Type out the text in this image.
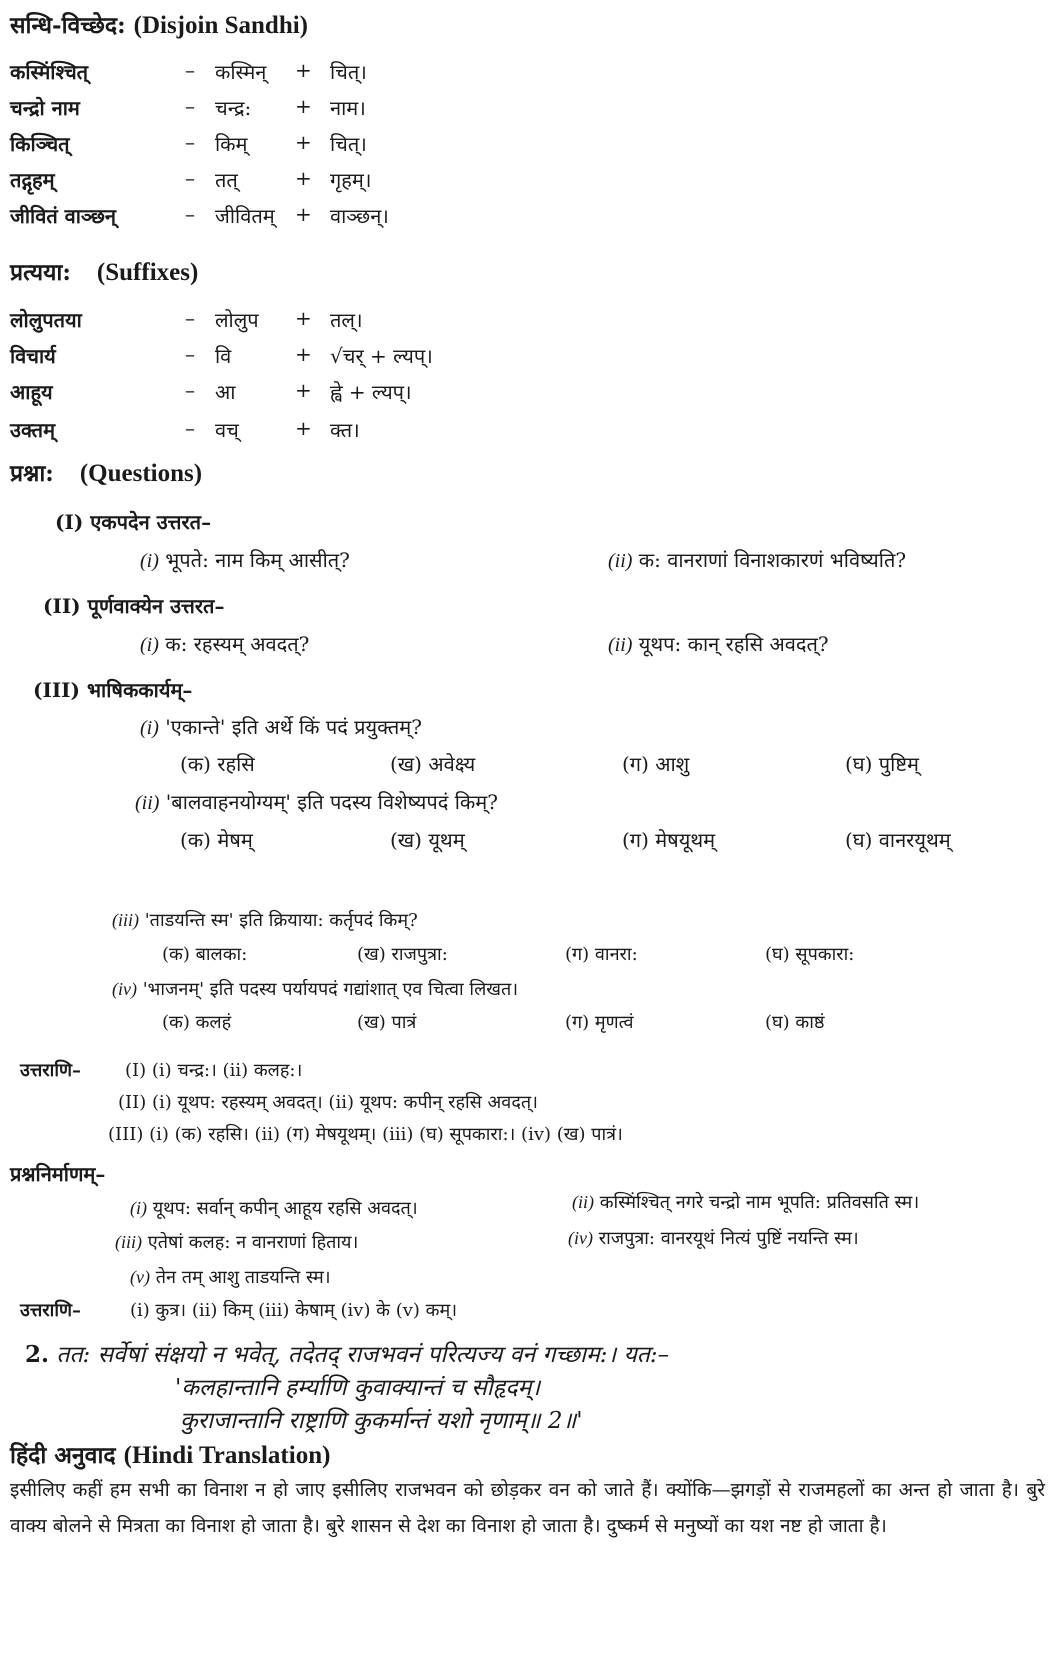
सन्धि-विच्छेद: (Disjoin Sandhi)
कस्मिंश्चित्	– कस्मिन् + चित्।
चन्द्रो नाम	– चन्द्र: + नाम।
किञ्चित्	– किम् + चित्।
तद्गृहम्	– तत्	+ गृहम्।
जीवितं वाञ्छन्	– जीवितम् + वाञ्छन्।
प्रत्यया: (Suffixes)
लोलुपतया	– लोलुप + तल्।
विचार्य	– वि	+ √चर् + ल्यप्।
आहूय	– आ	+ ह्वे + ल्यप्।
उक्तम्	– वच्	+ क्त।
प्रश्ना: (Questions)
(I) एकपदेन उत्तरत–
(i) भूपते: नाम किम् आसीत्?	(ii) क: वानराणां विनाशकारणं भविष्यति?
(II) पूर्णवाक्येन उत्तरत–
(i) क: रहस्यम् अवदत्?	(ii) यूथप: कान् रहसि अवदत्?
(III) भाषिककार्यम्–
(i) 'एकान्ते' इति अर्थे किं पदं प्रयुक्तम्?
(क) रहसि	(ख) अवेक्ष्य	(ग) आशु	(घ) पुष्टिम्
(ii) 'बालवाहनयोग्यम्' इति पदस्य विशेष्यपदं किम्?
(क) मेषम्	(ख) यूथम्	(ग) मेषयूथम्	(घ) वानरयूथम्
(iii) 'ताडयन्ति स्म' इति क्रियाया: कर्तृपदं किम्?
(क) बालका:	(ख) राजपुत्रा:	(ग) वानरा:	(घ) सूपकारा:
(iv) 'भाजनम्' इति पदस्य पर्यायपदं गद्यांशात् एव चित्वा लिखत।
(क) कलहं	(ख) पात्रं	(ग) मृणत्वं	(घ) काष्ठं
उत्तराणि– (I) (i) चन्द्र:। (ii) कलह:।
(II) (i) यूथप: रहस्यम् अवदत्। (ii) यूथप: कपीन् रहसि अवदत्।
(III) (i) (क) रहसि। (ii) (ग) मेषयूथम्। (iii) (घ) सूपकारा:। (iv) (ख) पात्रं।
प्रश्ननिर्माणम्–
(i) यूथप: सर्वान् कपीन् आहूय रहसि अवदत्।	(ii) कस्मिंश्चित् नगरे चन्द्रो नाम भूपति: प्रतिवसति स्म।
(iii) एतेषां कलह: न वानराणां हिताय।	(iv) राजपुत्रा: वानरयूथं नित्यं पुष्टिं नयन्ति स्म।
(v) तेन तम् आशु ताडयन्ति स्म।
उत्तराणि–	(i) कुत्र। (ii) किम् (iii) केषाम् (iv) के (v) कम्।
2. तत: सर्वेषां संक्षयो न भवेत्, तदेतद् राजभवनं परित्यज्य वनं गच्छाम:। यत:–
'कलहान्तानि हर्म्याणि कुवाक्यान्तं च सौहृदम्।
कुराजान्तानि राष्ट्राणि कुकर्मान्तं यशो नृणाम्॥ 2॥'
हिंदी अनुवाद (Hindi Translation)
इसीलिए कहीं हम सभी का विनाश न हो जाए इसीलिए राजभवन को छोड़कर वन को जाते हैं। क्योंकि—झगड़ों से राजमहलों का अन्त हो जाता है। बुरे वाक्य बोलने से मित्रता का विनाश हो जाता है। बुरे शासन से देश का विनाश हो जाता है। दुष्कर्म से मनुष्यों का यश नष्ट हो जाता है।
